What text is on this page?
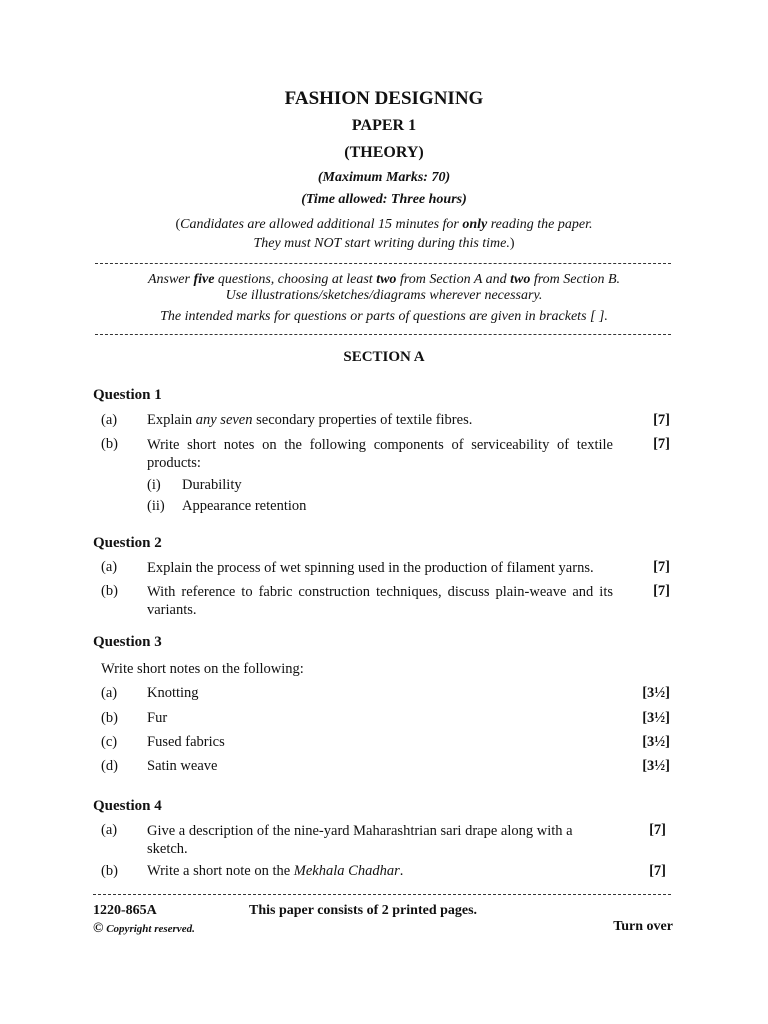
FASHION DESIGNING
PAPER 1
(THEORY)
(Maximum Marks: 70)
(Time allowed: Three hours)
(Candidates are allowed additional 15 minutes for only reading the paper.
They must NOT start writing during this time.)
Answer five questions, choosing at least two from Section A and two from Section B.
Use illustrations/sketches/diagrams wherever necessary.
The intended marks for questions or parts of questions are given in brackets [ ].
SECTION A
Question 1
(a) Explain any seven secondary properties of textile fibres.	[7]
(b) Write short notes on the following components of serviceability of textile products:
[7]
(i) Durability
(ii) Appearance retention
Question 2
(a) Explain the process of wet spinning used in the production of filament yarns.	[7]
(b) With reference to fabric construction techniques, discuss plain-weave and its variants.
[7]
Question 3
Write short notes on the following:
(a) Knotting	[3½]
(b) Fur	[3½]
(c) Fused fabrics	[3½]
(d) Satin weave	[3½]
Question 4
(a) Give a description of the nine-yard Maharashtrian sari drape along with a sketch.
[7]
(b) Write a short note on the Mekhala Chadhar.	[7]
1220-865A	This paper consists of 2 printed pages.
© Copyright reserved.	Turn over
